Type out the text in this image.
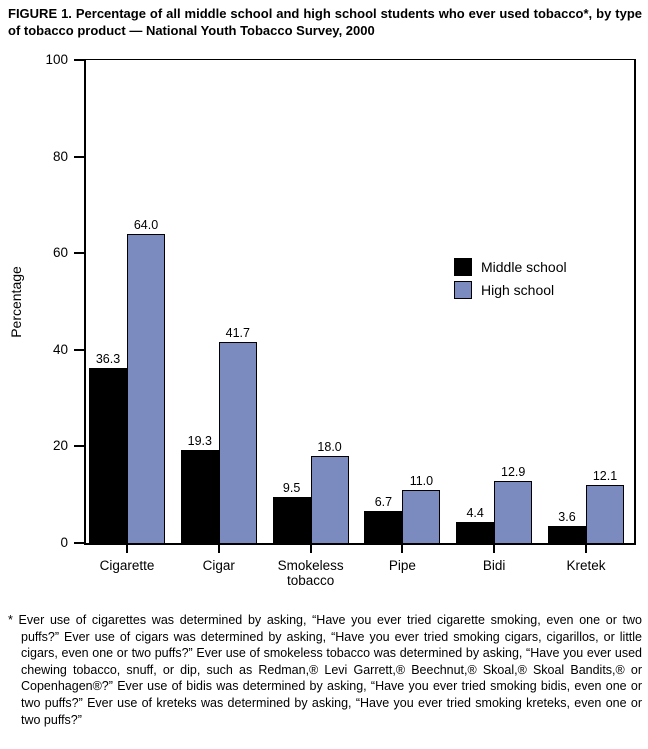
FIGURE 1. Percentage of all middle school and high school students who ever used tobacco*, by type of tobacco product — National Youth Tobacco Survey, 2000
Percentage
0
20
40
60
80
100
Middle school
High school
36.3
64.0
19.3
41.7
9.5
18.0
6.7
11.0
4.4
12.9
3.6
12.1
Cigarette	Cigar	Smokeless tobacco
Pipe	Bidi	Kretek
* Ever use of cigarettes was determined by asking, “Have you ever tried cigarette smoking, even one or two puffs?” Ever use of cigars was determined by asking, “Have you ever tried smoking cigars, cigarillos, or little cigars, even one or two puffs?” Ever use of smokeless tobacco was determined by asking, “Have you ever used chewing tobacco, snuff, or dip, such as Redman,® Levi Garrett,® Beechnut,® Skoal,® Skoal Bandits,® or Copenhagen®?” Ever use of bidis was determined by asking, “Have you ever tried smoking bidis, even one or two puffs?” Ever use of kreteks was determined by asking, “Have you ever tried smoking kreteks, even one or two puffs?”
